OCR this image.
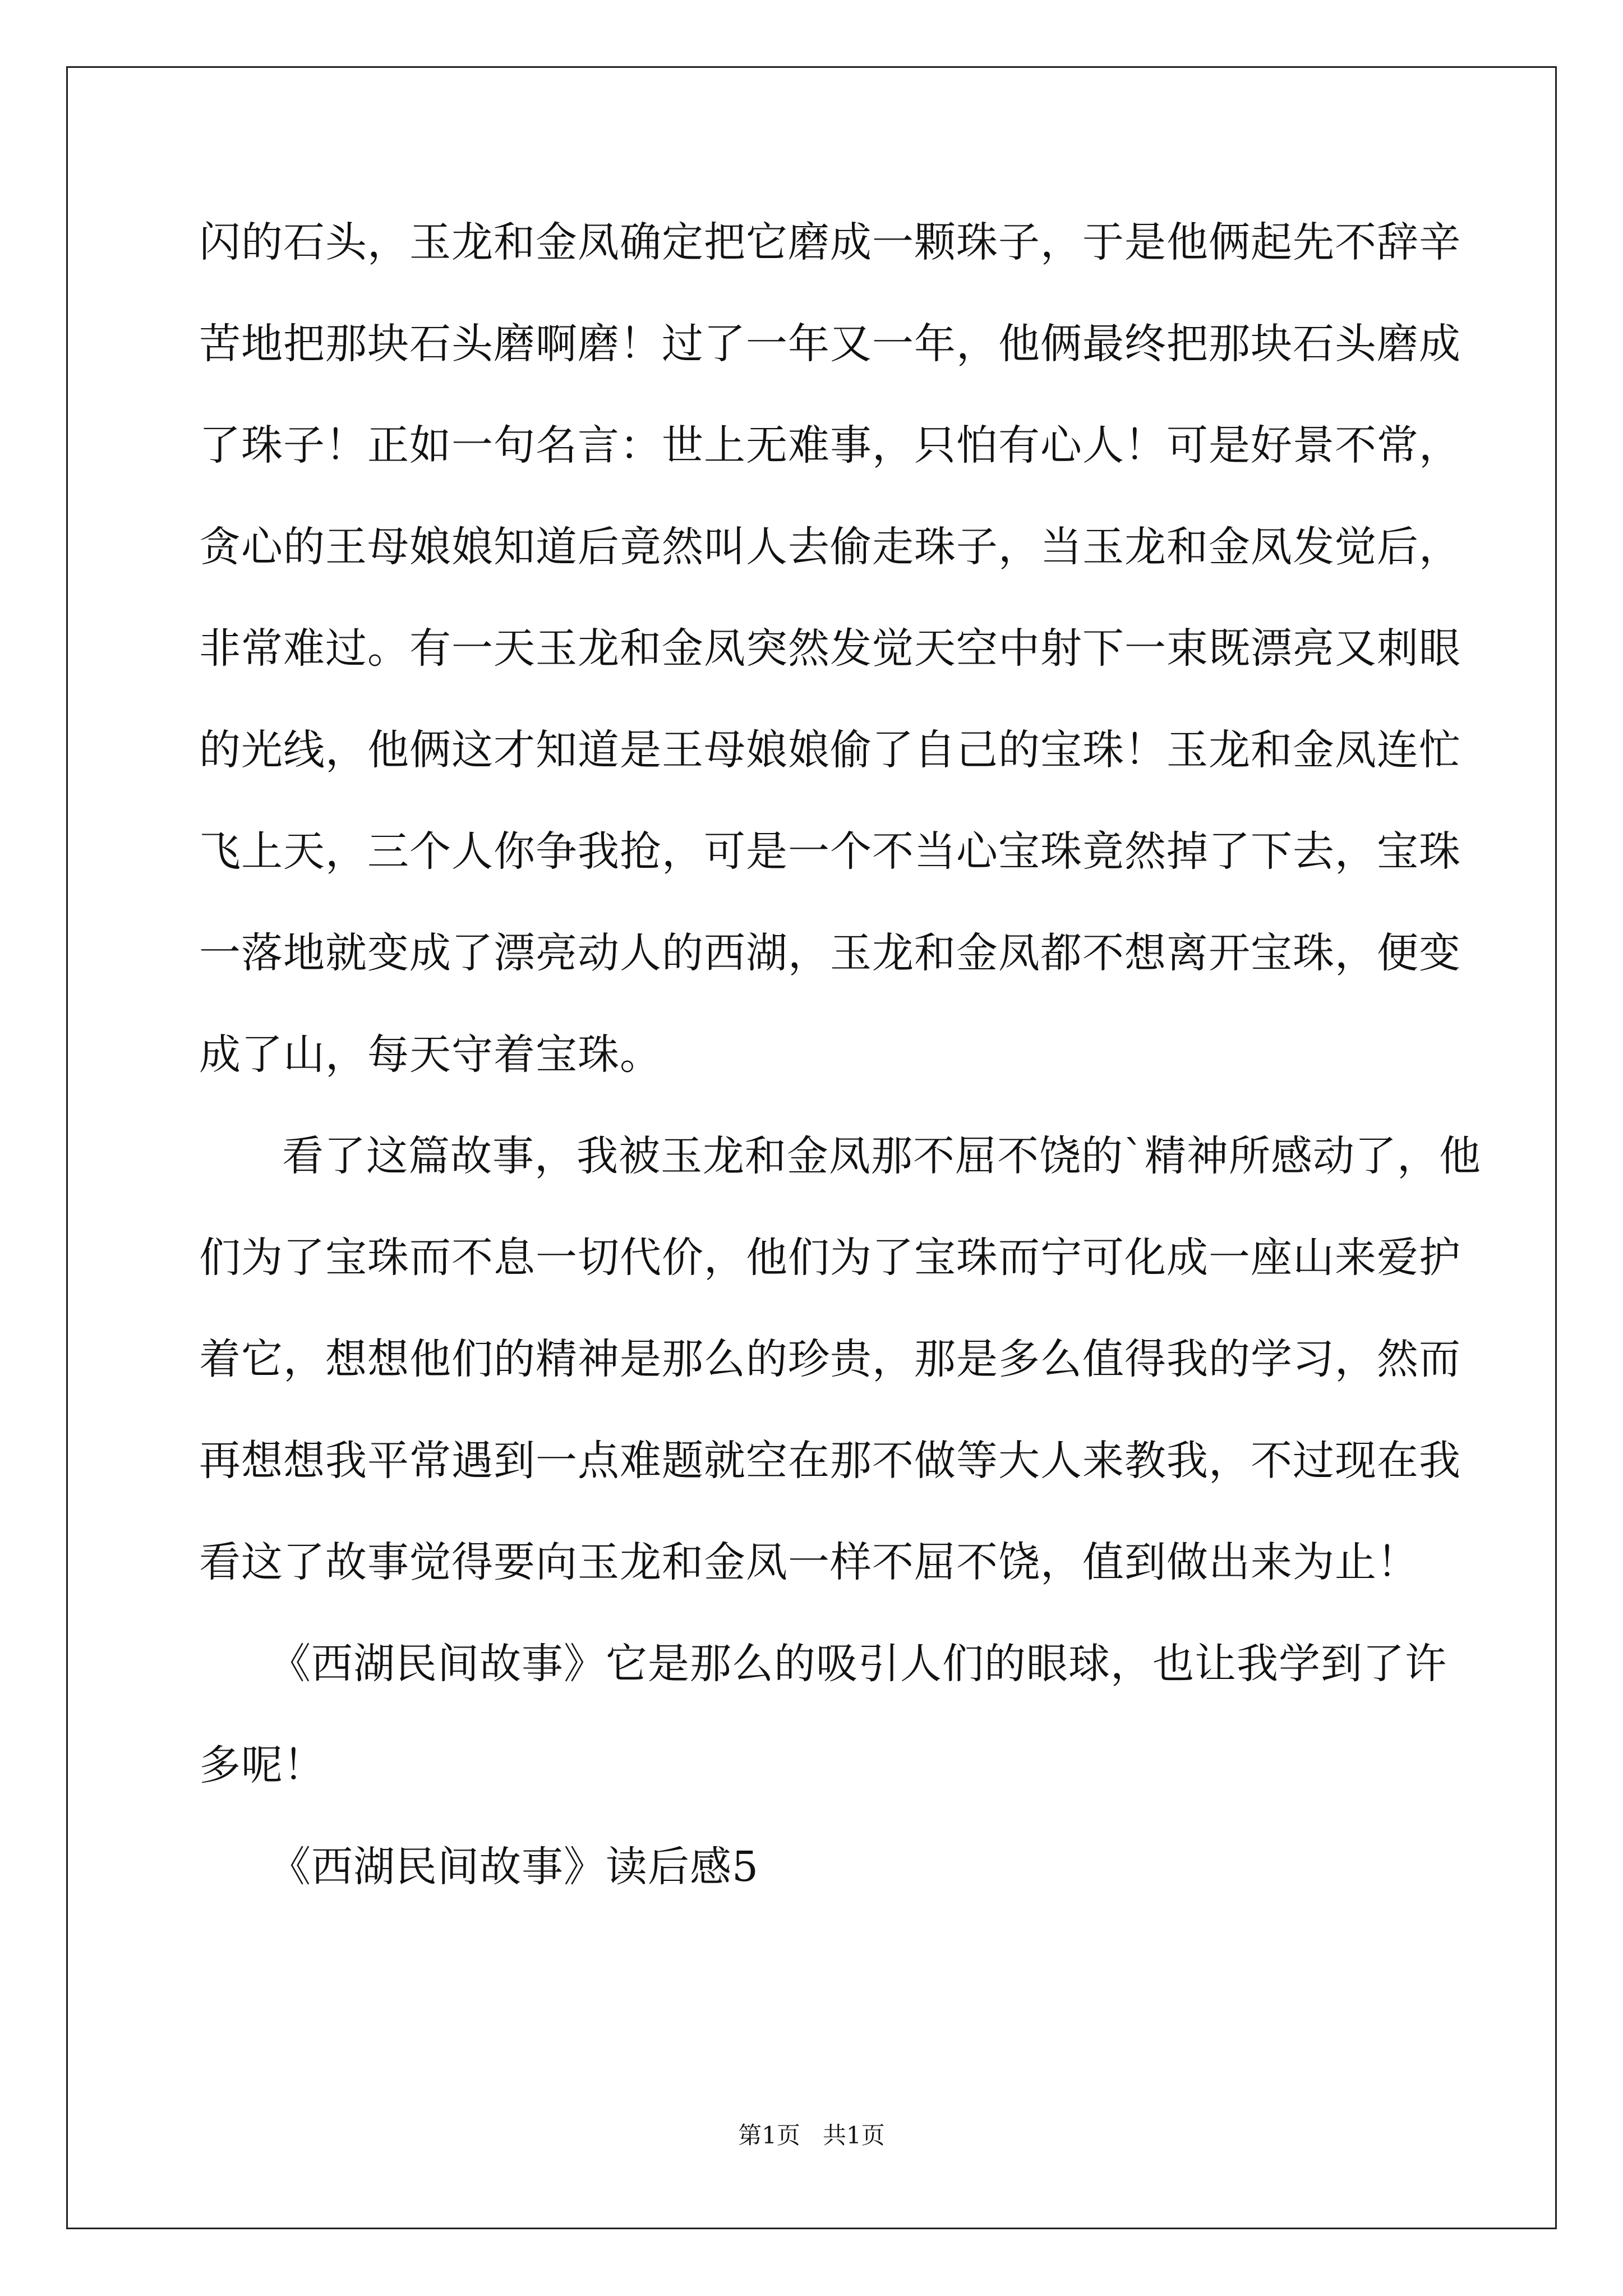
闪的石头，玉龙和金凤确定把它磨成一颗珠子，于是他俩起先不辞辛
苦地把那块石头磨啊磨！过了一年又一年，他俩最终把那块石头磨成
了珠子！正如一句名言：世上无难事，只怕有心人！可是好景不常，
贪心的王母娘娘知道后竟然叫人去偷走珠子，当玉龙和金凤发觉后，
非常难过。有一天玉龙和金凤突然发觉天空中射下一束既漂亮又刺眼
的光线，他俩这才知道是王母娘娘偷了自己的宝珠！玉龙和金凤连忙
飞上天，三个人你争我抢，可是一个不当心宝珠竟然掉了下去，宝珠
一落地就变成了漂亮动人的西湖，玉龙和金凤都不想离开宝珠，便变
成了山，每天守着宝珠。
看了这篇故事，我被玉龙和金凤那不屈不饶的`精神所感动了，他
们为了宝珠而不息一切代价，他们为了宝珠而宁可化成一座山来爱护
着它，想想他们的精神是那么的珍贵，那是多么值得我的学习，然而
再想想我平常遇到一点难题就空在那不做等大人来教我，不过现在我
看这了故事觉得要向玉龙和金凤一样不屈不饶，值到做出来为止！
《西湖民间故事》它是那么的吸引人们的眼球，也让我学到了许
多呢！
《西湖民间故事》读后感5
第1页   共1页
